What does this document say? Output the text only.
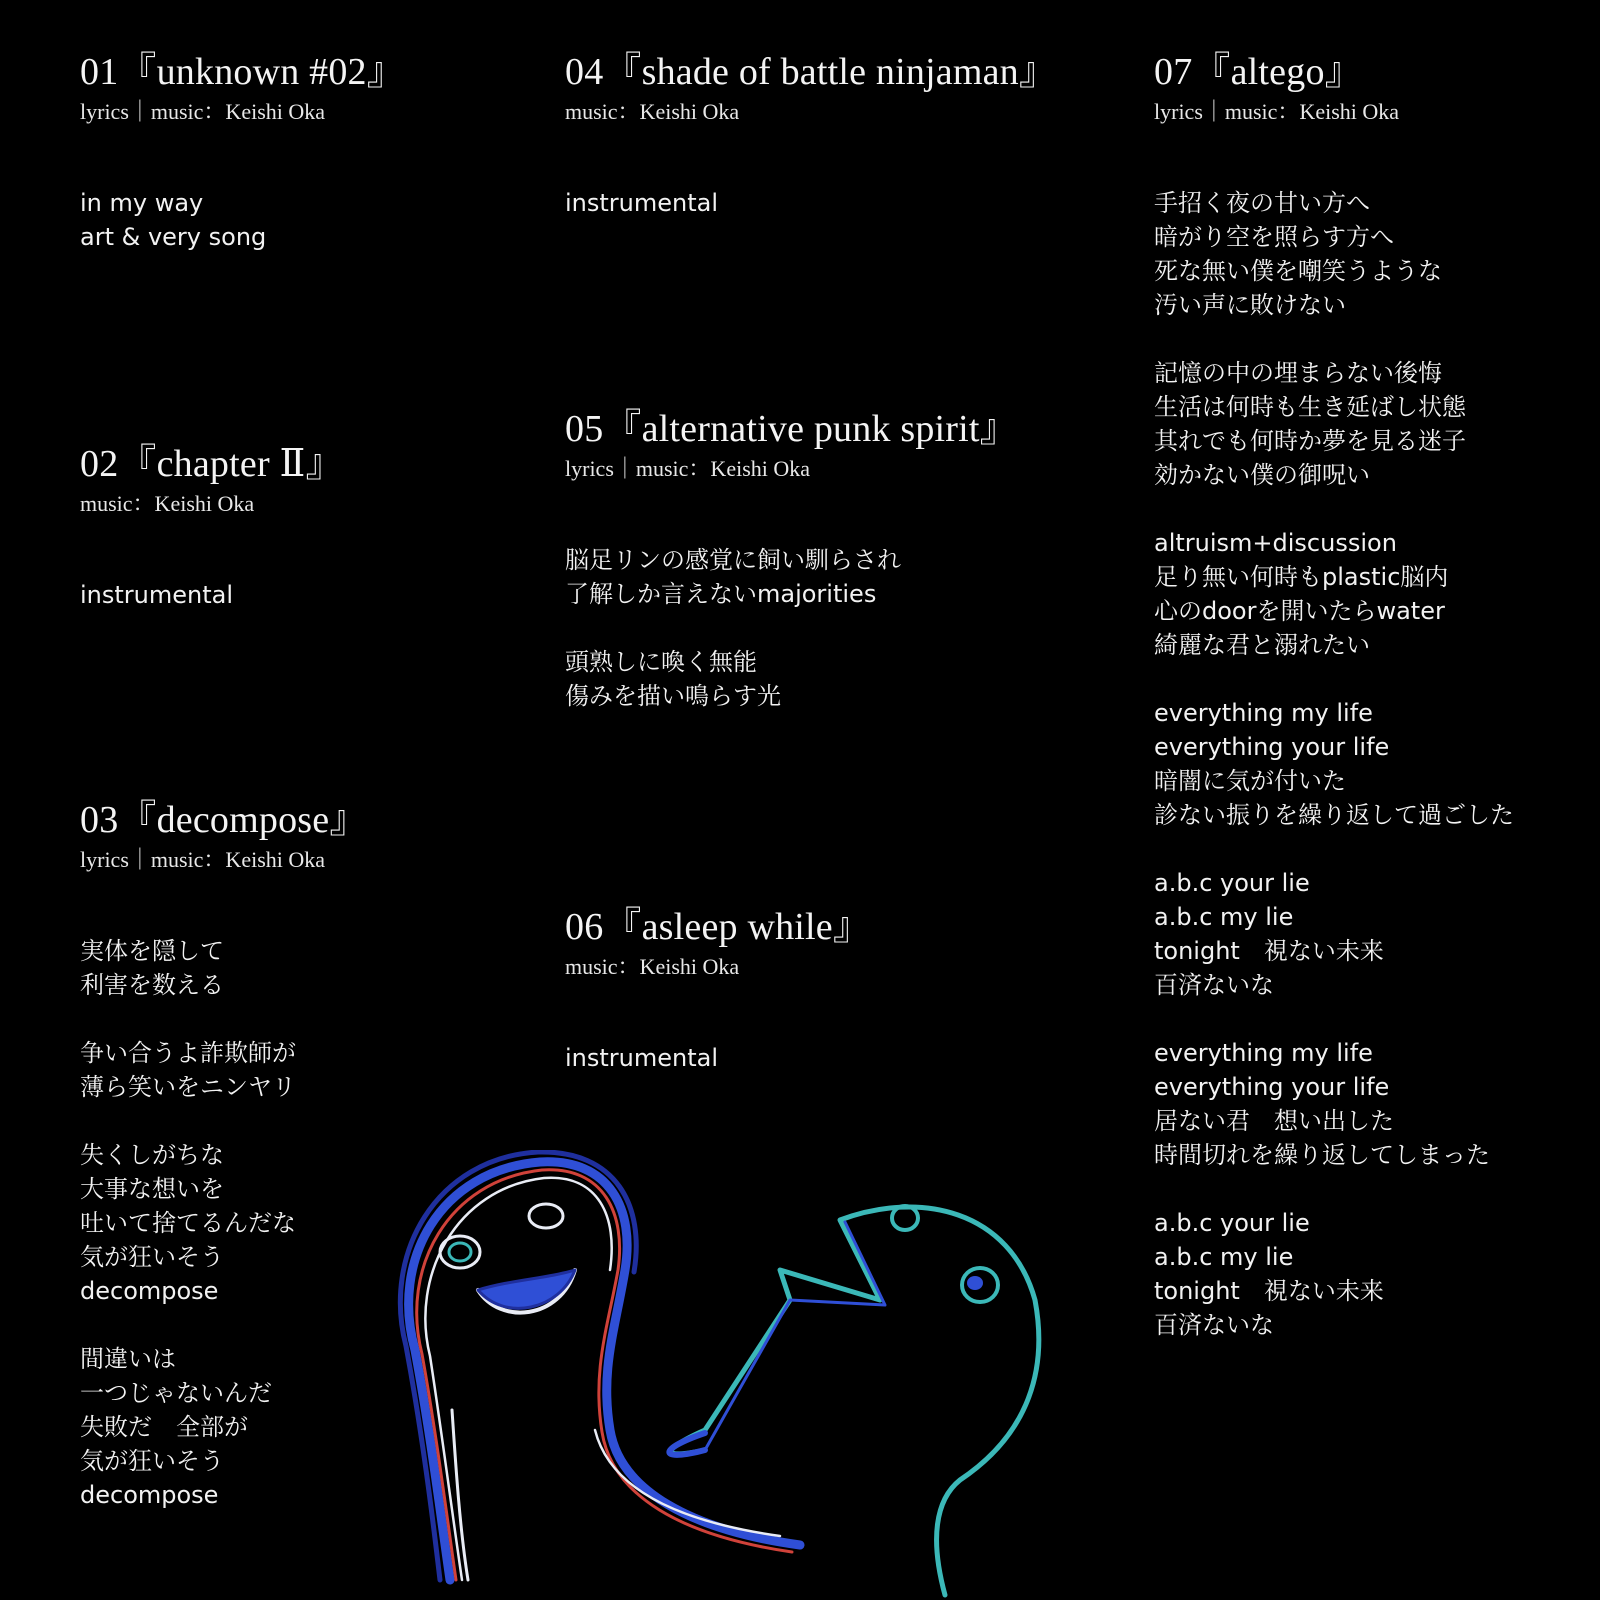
01『unknown #02』
lyrics｜music：Keishi Oka
in my way
art & very song
02『chapter Ⅱ』
music：Keishi Oka
instrumental
03『decompose』
lyrics｜music：Keishi Oka
実体を隠して
利害を数える
争い合うよ詐欺師が
薄ら笑いをニンヤリ
失くしがちな
大事な想いを
吐いて捨てるんだな
気が狂いそう
decompose
間違いは
一つじゃないんだ
失敗だ　全部が
気が狂いそう
decompose
04『shade of battle ninjaman』
music：Keishi Oka
instrumental
05『alternative punk spirit』
lyrics｜music：Keishi Oka
脳足リンの感覚に飼い馴らされ
了解しか言えないmajorities
頭熟しに喚く無能
傷みを描い鳴らす光
06『asleep while』
music：Keishi Oka
instrumental
07『altego』
lyrics｜music：Keishi Oka
手招く夜の甘い方へ
暗がり空を照らす方へ
死な無い僕を嘲笑うような
汚い声に敗けない
記憶の中の埋まらない後悔
生活は何時も生き延ばし状態
其れでも何時か夢を見る迷子
効かない僕の御呪い
altruism+discussion
足り無い何時もplastic脳内
心のdoorを開いたらwater
綺麗な君と溺れたい
everything my life
everything your life
暗闇に気が付いた
診ない振りを繰り返して過ごした
a.b.c your lie
a.b.c my lie
tonight　視ない未来
百済ないな
everything my life
everything your life
居ない君　想い出した
時間切れを繰り返してしまった
a.b.c your lie
a.b.c my lie
tonight　視ない未来
百済ないな
